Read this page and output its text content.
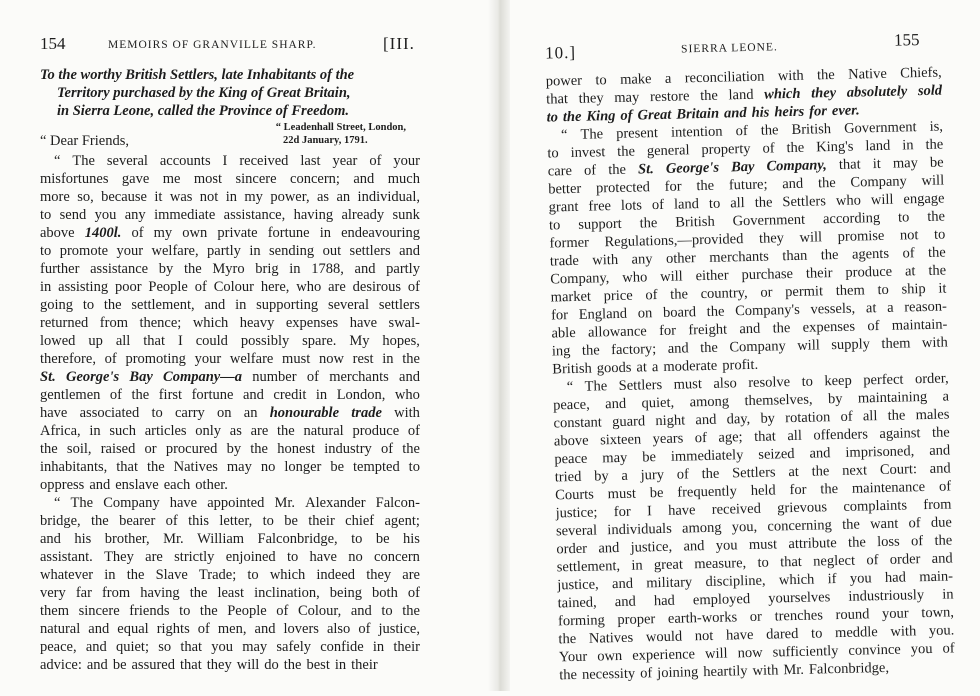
154	MEMOIRS OF GRANVILLE SHARP.	[III.
To the worthy British Settlers, late Inhabitants of the
Territory purchased by the King of Great Britain,
in Sierra Leone, called the Province of Freedom.
“ Leadenhall Street, London,
“ Dear Friends,	22d January, 1791.
“ The several accounts I received last year of your
misfortunes gave me most sincere concern; and much
more so, because it was not in my power, as an individual,
to send you any immediate assistance, having already sunk
above 1400l. of my own private fortune in endeavouring
to promote your welfare, partly in sending out settlers and
further assistance by the Myro brig in 1788, and partly
in assisting poor People of Colour here, who are desirous of
going to the settlement, and in supporting several settlers
returned from thence; which heavy expenses have swal-
lowed up all that I could possibly spare. My hopes,
therefore, of promoting your welfare must now rest in the
St. George's Bay Company—a number of merchants and
gentlemen of the first fortune and credit in London, who
have associated to carry on an honourable trade with
Africa, in such articles only as are the natural produce of
the soil, raised or procured by the honest industry of the
inhabitants, that the Natives may no longer be tempted to
oppress and enslave each other.
“ The Company have appointed Mr. Alexander Falcon-
bridge, the bearer of this letter, to be their chief agent;
and his brother, Mr. William Falconbridge, to be his
assistant. They are strictly enjoined to have no concern
whatever in the Slave Trade; to which indeed they are
very far from having the least inclination, being both of
them sincere friends to the People of Colour, and to the
natural and equal rights of men, and lovers also of justice,
peace, and quiet; so that you may safely confide in their
advice: and be assured that they will do the best in their
10.]	SIERRA LEONE.	155
power to make a reconciliation with the Native Chiefs,
that they may restore the land which they absolutely sold
to the King of Great Britain and his heirs for ever.
“ The present intention of the British Government is,
to invest the general property of the King's land in the
care of the St. George's Bay Company, that it may be
better protected for the future; and the Company will
grant free lots of land to all the Settlers who will engage
to support the British Government according to the
former Regulations,—provided they will promise not to
trade with any other merchants than the agents of the
Company, who will either purchase their produce at the
market price of the country, or permit them to ship it
for England on board the Company's vessels, at a reason-
able allowance for freight and the expenses of maintain-
ing the factory; and the Company will supply them with
British goods at a moderate profit.
“ The Settlers must also resolve to keep perfect order,
peace, and quiet, among themselves, by maintaining a
constant guard night and day, by rotation of all the males
above sixteen years of age; that all offenders against the
peace may be immediately seized and imprisoned, and
tried by a jury of the Settlers at the next Court: and
Courts must be frequently held for the maintenance of
justice; for I have received grievous complaints from
several individuals among you, concerning the want of due
order and justice, and you must attribute the loss of the
settlement, in great measure, to that neglect of order and
justice, and military discipline, which if you had main-
tained, and had employed yourselves industriously in
forming proper earth-works or trenches round your town,
the Natives would not have dared to meddle with you.
Your own experience will now sufficiently convince you of
the necessity of joining heartily with Mr. Falconbridge,
